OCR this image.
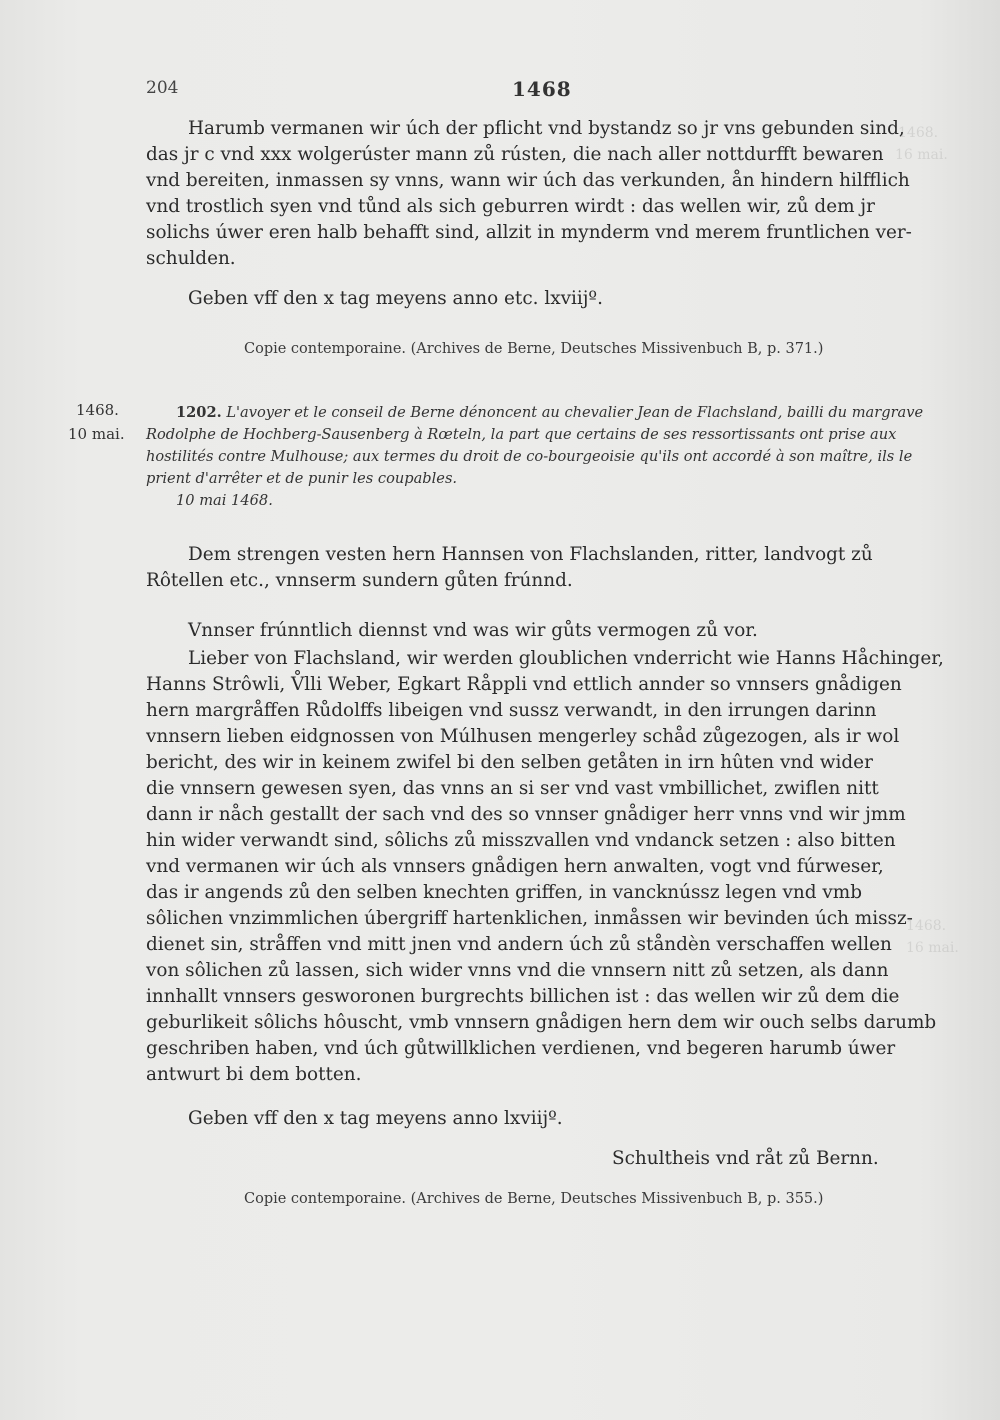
1468.
16 mai.
1468.
16 mai.
204	1468
Harumb vermanen wir úch der pflicht vnd bystandz so jr vns gebunden sind,
das jr c vnd xxx wolgerúster mann zů rústen, die nach aller nottdurfft bewaren
vnd bereiten, inmassen sy vnns, wann wir úch das verkunden, ån hindern hilfflich
vnd trostlich syen vnd tůnd als sich geburren wirdt : das wellen wir, zů dem jr
solichs úwer eren halb behafft sind, allzit in mynderm vnd merem fruntlichen ver-
schulden.
Geben vff den x tag meyens anno etc. lxviijº.
Copie contemporaine. (Archives de Berne, Deutsches Missivenbuch B, p. 371.)
1468.
10 mai.
1202. L'avoyer et le conseil de Berne dénoncent au chevalier Jean de Flachsland, bailli du margrave
Rodolphe de Hochberg-Sausenberg à Rœteln, la part que certains de ses ressortissants ont prise aux
hostilités contre Mulhouse; aux termes du droit de co-bourgeoisie qu'ils ont accordé à son maître, ils le
prient d'arrêter et de punir les coupables.
10 mai 1468.
Dem strengen vesten hern Hannsen von Flachslanden, ritter, landvogt zů
Rôtellen etc., vnnserm sundern gůten frúnnd.
Vnnser frúnntlich diennst vnd was wir gůts vermogen zů vor.
Lieber von Flachsland, wir werden gloublichen vnderricht wie Hanns Håchinger,
Hanns Strôwli, V̊lli Weber, Egkart Råppli vnd ettlich annder so vnnsers gnådigen
hern margråffen Růdolffs libeigen vnd sussz verwandt, in den irrungen darinn
vnnsern lieben eidgnossen von Múlhusen mengerley schåd zůgezogen, als ir wol
bericht, des wir in keinem zwifel bi den selben getåten in irn hûten vnd wider
die vnnsern gewesen syen, das vnns an si ser vnd vast vmbillichet, zwiflen nitt
dann ir nåch gestallt der sach vnd des so vnnser gnådiger herr vnns vnd wir jmm
hin wider verwandt sind, sôlichs zů misszvallen vnd vndanck setzen : also bitten
vnd vermanen wir úch als vnnsers gnådigen hern anwalten, vogt vnd fúrweser,
das ir angends zů den selben knechten griffen, in vancknússz legen vnd vmb
sôlichen vnzimmlichen úbergriff hartenklichen, inmåssen wir bevinden úch missz-
dienet sin, stråffen vnd mitt jnen vnd andern úch zů ståndèn verschaffen wellen
von sôlichen zů lassen, sich wider vnns vnd die vnnsern nitt zů setzen, als dann
innhallt vnnsers gesworonen burgrechts billichen ist : das wellen wir zů dem die
geburlikeit sôlichs hôuscht, vmb vnnsern gnådigen hern dem wir ouch selbs darumb
geschriben haben, vnd úch gůtwillklichen verdienen, vnd begeren harumb úwer
antwurt bi dem botten.
Geben vff den x tag meyens anno lxviijº.
Schultheis vnd råt zů Bernn.
Copie contemporaine. (Archives de Berne, Deutsches Missivenbuch B, p. 355.)
